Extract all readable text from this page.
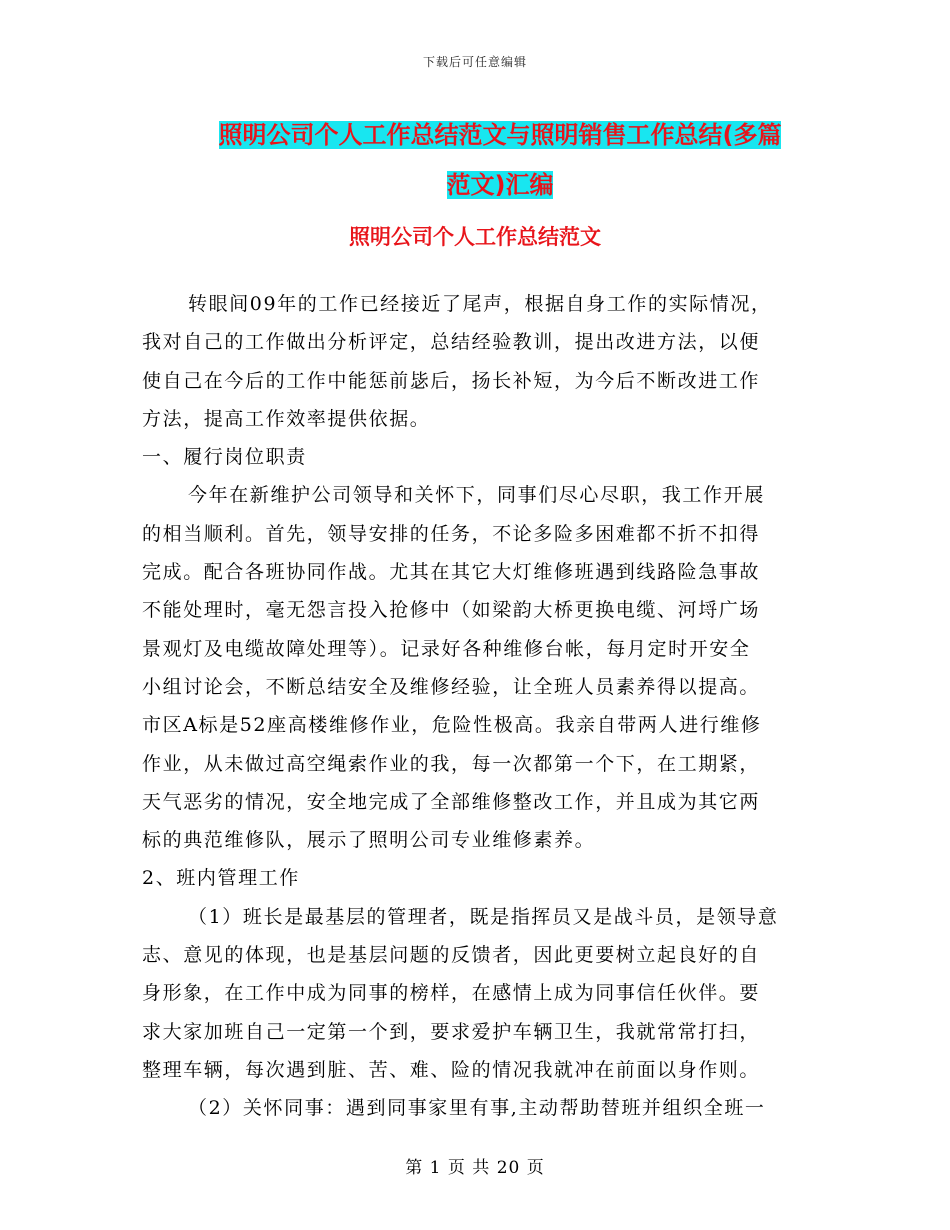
下载后可任意编辑
照明公司个人工作总结范文与照明销售工作总结(多篇
范文)汇编
照明公司个人工作总结范文
转眼间09年的工作已经接近了尾声，根据自身工作的实际情况，
我对自己的工作做出分析评定，总结经验教训，提出改进方法，以便
使自己在今后的工作中能惩前毖后，扬长补短，为今后不断改进工作
方法，提高工作效率提供依据。
一、履行岗位职责
今年在新维护公司领导和关怀下，同事们尽心尽职，我工作开展
的相当顺利。首先，领导安排的任务，不论多险多困难都不折不扣得
完成。配合各班协同作战。尤其在其它大灯维修班遇到线路险急事故
不能处理时，毫无怨言投入抢修中（如梁韵大桥更换电缆、河埒广场
景观灯及电缆故障处理等）。记录好各种维修台帐，每月定时开安全
小组讨论会，不断总结安全及维修经验，让全班人员素养得以提高。
市区A标是52座高楼维修作业，危险性极高。我亲自带两人进行维修
作业，从未做过高空绳索作业的我，每一次都第一个下，在工期紧，
天气恶劣的情况，安全地完成了全部维修整改工作，并且成为其它两
标的典范维修队，展示了照明公司专业维修素养。
2、班内管理工作
（1）班长是最基层的管理者，既是指挥员又是战斗员，是领导意
志、意见的体现，也是基层问题的反馈者，因此更要树立起良好的自
身形象，在工作中成为同事的榜样，在感情上成为同事信任伙伴。要
求大家加班自己一定第一个到，要求爱护车辆卫生，我就常常打扫，
整理车辆，每次遇到脏、苦、难、险的情况我就冲在前面以身作则。
（2）关怀同事：遇到同事家里有事,主动帮助替班并组织全班一
第 1 页 共 20 页
